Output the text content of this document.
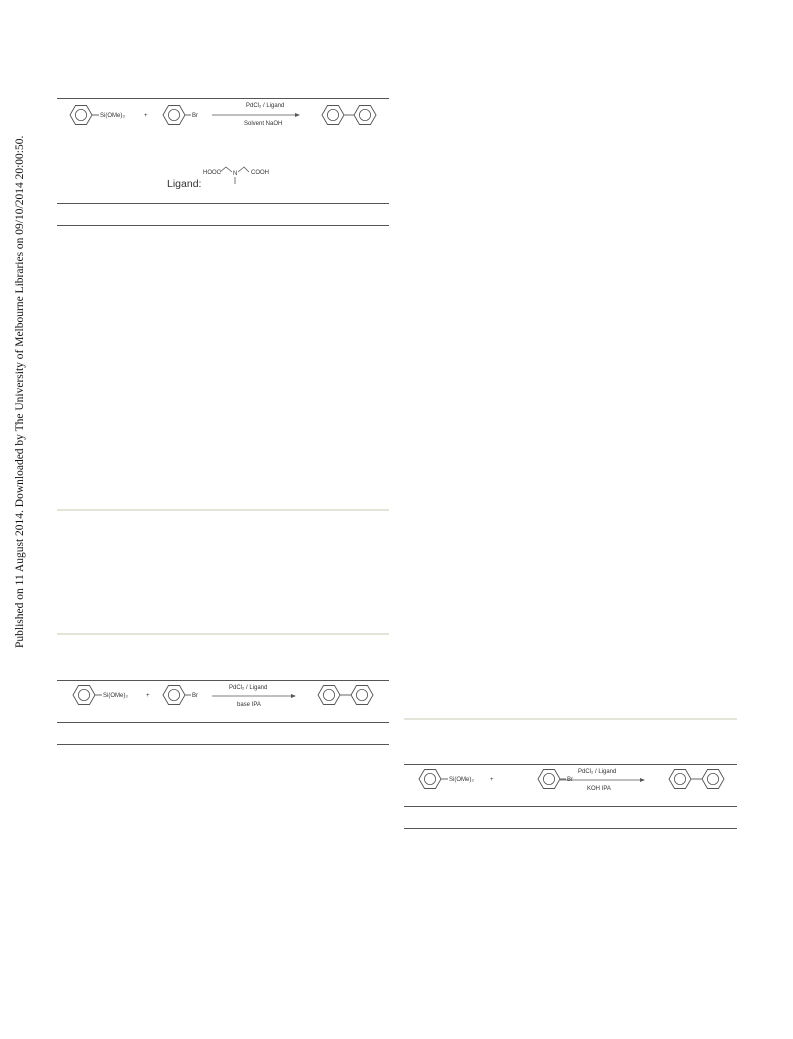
Published on 11 August 2014. Downloaded by The University of Melbourne Libraries on 09/10/2014 20:00:50.
Si(OMe)₃	+	Br
PdCl₂ / Ligand
Solvent NaOH
Ligand:
HOOC N COOH
Si(OMe)₃	+	Br
PdCl₂ / Ligand
base IPA
Si(OMe)₃	+	Br
PdCl₂ / Ligand
KOH IPA
